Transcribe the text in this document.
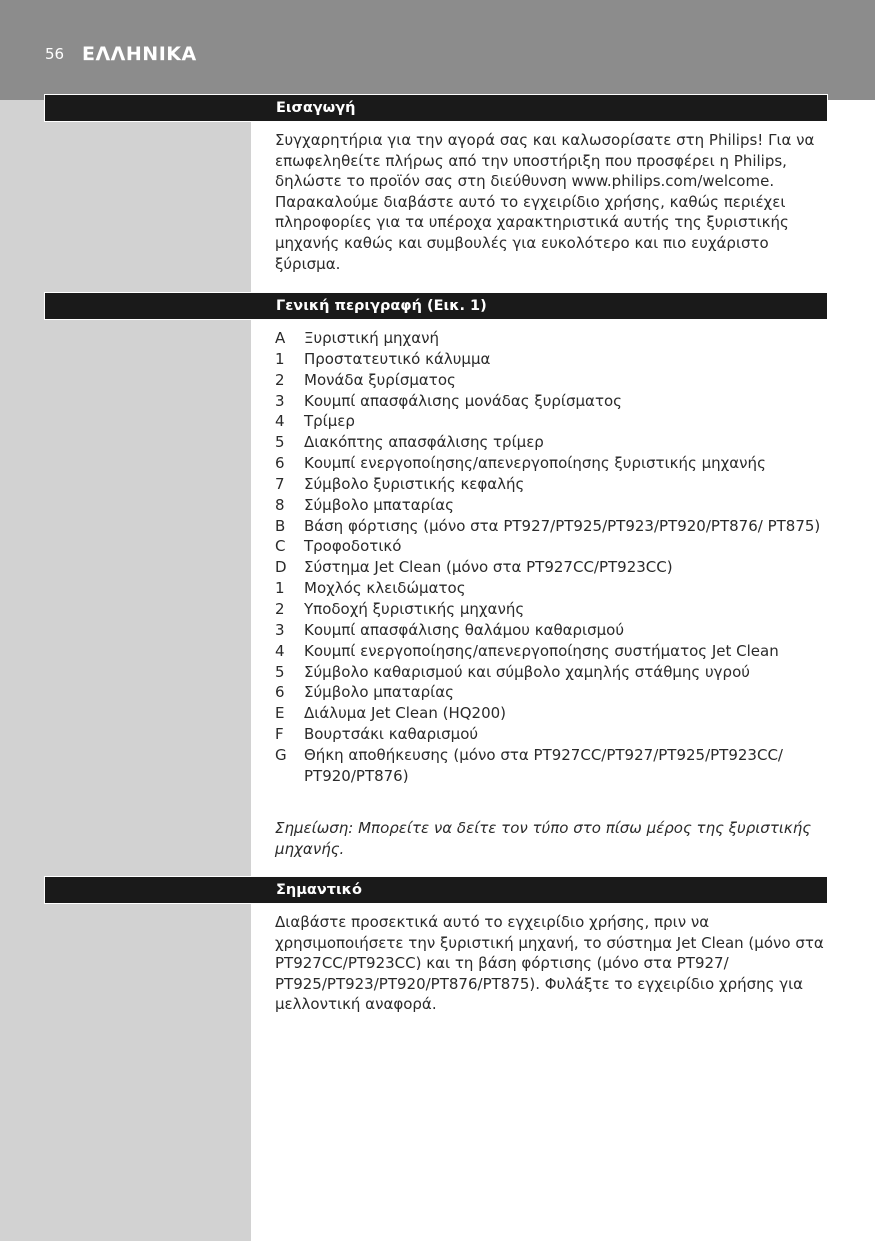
56 ΕΛΛΗΝΙΚΑ
Εισαγωγή

Συγχαρητήρια για την αγορά σας και καλωσορίσατε στη Philips! Για να επωφεληθείτε πλήρως από την υποστήριξη που προσφέρει η Philips, δηλώστε το προϊόν σας στη διεύθυνση www.philips.com/welcome. Παρακαλούμε διαβάστε αυτό το εγχειρίδιο χρήσης, καθώς περιέχει πληροφορίες για τα υπέροχα χαρακτηριστικά αυτής της ξυριστικής μηχανής καθώς και συμβουλές για ευκολότερο και πιο ευχάριστο ξύρισμα.

Γενική περιγραφή (Εικ. 1)
A	Ξυριστική μηχανή
1	Προστατευτικό κάλυμμα
2	Μονάδα ξυρίσματος
3	Κουμπί απασφάλισης μονάδας ξυρίσματος
4	Τρίμερ
5	Διακόπτης απασφάλισης τρίμερ
6	Κουμπί ενεργοποίησης/απενεργοποίησης ξυριστικής μηχανής
7	Σύμβολο ξυριστικής κεφαλής
8	Σύμβολο μπαταρίας
B	Βάση φόρτισης (μόνο στα PT927/PT925/PT923/PT920/PT876/ PT875)
C	Τροφοδοτικό
D	Σύστημα Jet Clean (μόνο στα PT927CC/PT923CC)
1	Μοχλός κλειδώματος
2	Υποδοχή ξυριστικής μηχανής
3	Κουμπί απασφάλισης θαλάμου καθαρισμού
4	Κουμπί ενεργοποίησης/απενεργοποίησης συστήματος Jet Clean
5	Σύμβολο καθαρισμού και σύμβολο χαμηλής στάθμης υγρού
6	Σύμβολο μπαταρίας
E	Διάλυμα Jet Clean (HQ200)
F	Βουρτσάκι καθαρισμού
G	Θήκη αποθήκευσης (μόνο στα PT927CC/PT927/PT925/PT923CC/ PT920/PT876)
Σημείωση: Μπορείτε να δείτε τον τύπο στο πίσω μέρος της ξυριστικής μηχανής.
Σημαντικό

Διαβάστε προσεκτικά αυτό το εγχειρίδιο χρήσης, πριν να χρησιμοποιήσετε την ξυριστική μηχανή, το σύστημα Jet Clean (μόνο στα PT927CC/PT923CC) και τη βάση φόρτισης (μόνο στα PT927/ PT925/PT923/PT920/PT876/PT875). Φυλάξτε το εγχειρίδιο χρήσης για μελλοντική αναφορά.
